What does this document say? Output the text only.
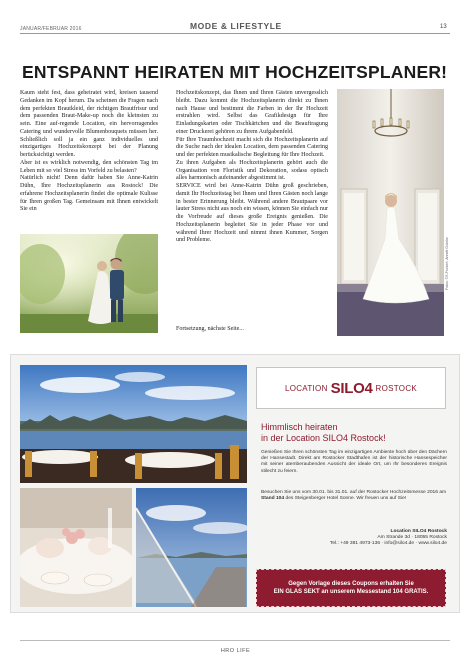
JANUAR/FEBRUAR 2016	MODE & LIFESTYLE	13
ENTSPANNT HEIRATEN MIT HOCHZEITSPLANER!

Kaum steht fest, dass geheiratet wird, kreisen tausend Gedanken im Kopf herum. Da scheinen die Fragen nach dem perfekten Brautkleid, der richtigen Brautfrisur und dem passenden Braut-Make-up noch die kleinsten zu sein. Eine auf-regende Location, ein hervorragendes Catering und wundervolle Blumenbouquets müssen her. Schließlich soll ja ein ganz individuelles und einzigartiges Hochzeitskonzept bei der Planung berücksichtigt werden.

Aber ist es wirklich notwendig, den schönsten Tag im Leben mit so viel Stress im Vorfeld zu belasten?

Natürlich nicht! Denn dafür haben Sie Anne-Katrin Dühn, Ihre Hochzeitsplanerin aus Rostock! Die erfahrene Hochzeitsplanerin findet die optimale Kulisse für Ihren großen Tag. Gemeinsam mit Ihnen entwickelt Sie ein

Hochzeitskonzept, das Ihnen und Ihren Gästen unvergesslich bleibt. Dazu kommt die Hochzeitsplanerin direkt zu Ihnen nach Hause und bestimmt die Farben in der Ihr Hochzeit erstrahlen wird. Selbst das Grafikdesign für Ihre Einladungskarten oder Tischkärtchen und die Beauftragung einer Druckerei gehören zu ihrem Aufgabenfeld.

Für Ihre Traumhochzeit macht sich die Hochzeitsplanerin auf die Suche nach der idealen Location, dem passenden Catering und der perfekten musikalische Begleitung für Ihre Hochzeit.

Zu ihren Aufgaben als Hochzeitsplanerin gehört auch die Organisation von Floristik und Dekoration, sodass optisch alles harmonisch aufeinander abgestimmt ist.

SERVICE wird bei Anne-Katrin Dühn groß geschrieben, damit Ihr Hochzeitstag bei Ihnen und Ihren Gästen noch lange in bester Erinnerung bleibt. Während andere Brautpaare vor lauter Stress nicht aus noch ein wissen, können Sie einfach nur die Vorfreude auf dieses große Ereignis genießen. Die Hochzeitsplanerin begleitet Sie in jeder Phase vor und während Ihrer Hochzeit und nimmt ihnen Kummer, Sorgen und Probleme.

Fortsetzung, nächste Seite...
Fotos: ©S.Pockert, Annett Grünke
LOCATION SILO4 ROSTOCK

Himmlisch heiraten

in der Location SILO4 Rostock!

Genießen Sie Ihren schönsten Tag im einzigartigen Ambiente hoch über den Dächern der Hansestadt. Direkt am Rostocker Stadthafen ist der historische Hansespeicher mit seiner atemberaubenden Aussicht der ideale Ort, um Ihr besonderes Ereignis stilecht zu feiern.
Besuchen Sie uns vom 30.01. bis 31.01. auf der Rostocker Hochzeitsmesse 2016 am Stand 104 des Steigenberger Hotel Sonne. Wir freuen uns auf Sie!

Location SILO4 Rostock

Am Strande 3d · 18055 Rostock

Tel.: +49 381 4973-136 · info@silo4.de · www.silo4.de

Gegen Vorlage dieses Coupons erhalten Sie
EIN GLAS SEKT an unserem Messestand 104 GRATIS.
HRO LIFE
